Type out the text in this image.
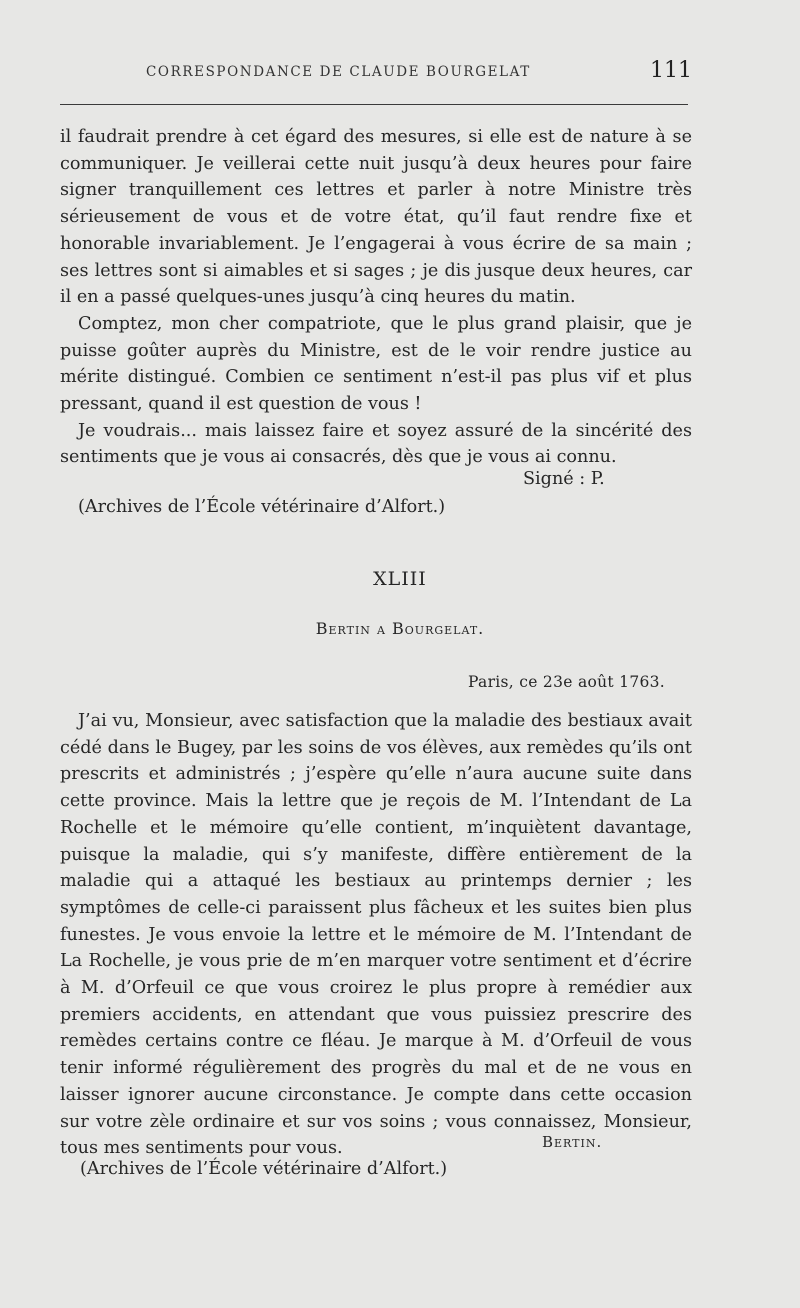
CORRESPONDANCE DE CLAUDE BOURGELAT	111

il faudrait prendre à cet égard des mesures, si elle est de nature à se communiquer. Je veillerai cette nuit jusqu’à deux heures pour faire signer tranquillement ces lettres et parler à notre Ministre très sérieusement de vous et de votre état, qu’il faut rendre fixe et honorable invariablement. Je l’engagerai à vous écrire de sa main ; ses lettres sont si aimables et si sages ; je dis jusque deux heures, car il en a passé quelques-unes jusqu’à cinq heures du matin.

Comptez, mon cher compatriote, que le plus grand plaisir, que je puisse goûter auprès du Ministre, est de le voir rendre justice au mérite distingué. Combien ce sentiment n’est-il pas plus vif et plus pressant, quand il est question de vous !

Je voudrais... mais laissez faire et soyez assuré de la sincérité des sentiments que je vous ai consacrés, dès que je vous ai connu.

Signé : P.
(Archives de l’École vétérinaire d’Alfort.)
XLIII
Bertin a Bourgelat.
Paris, ce 23e août 1763.

J’ai vu, Monsieur, avec satisfaction que la maladie des bestiaux avait cédé dans le Bugey, par les soins de vos élèves, aux remèdes qu’ils ont prescrits et administrés ; j’espère qu’elle n’aura aucune suite dans cette province. Mais la lettre que je reçois de M. l’Intendant de La Rochelle et le mémoire qu’elle contient, m’inquiètent davantage, puisque la maladie, qui s’y manifeste, diffère entièrement de la maladie qui a attaqué les bestiaux au printemps dernier ; les symptômes de celle-ci paraissent plus fâcheux et les suites bien plus funestes. Je vous envoie la lettre et le mémoire de M. l’Intendant de La Rochelle, je vous prie de m’en marquer votre sentiment et d’écrire à M. d’Orfeuil ce que vous croirez le plus propre à remédier aux premiers accidents, en attendant que vous puissiez prescrire des remèdes certains contre ce fléau. Je marque à M. d’Orfeuil de vous tenir informé régulièrement des progrès du mal et de ne vous en laisser ignorer aucune circonstance. Je compte dans cette occasion sur votre zèle ordinaire et sur vos soins ; vous connaissez, Monsieur, tous mes sentiments pour vous.	Bertin.
(Archives de l’École vétérinaire d’Alfort.)
